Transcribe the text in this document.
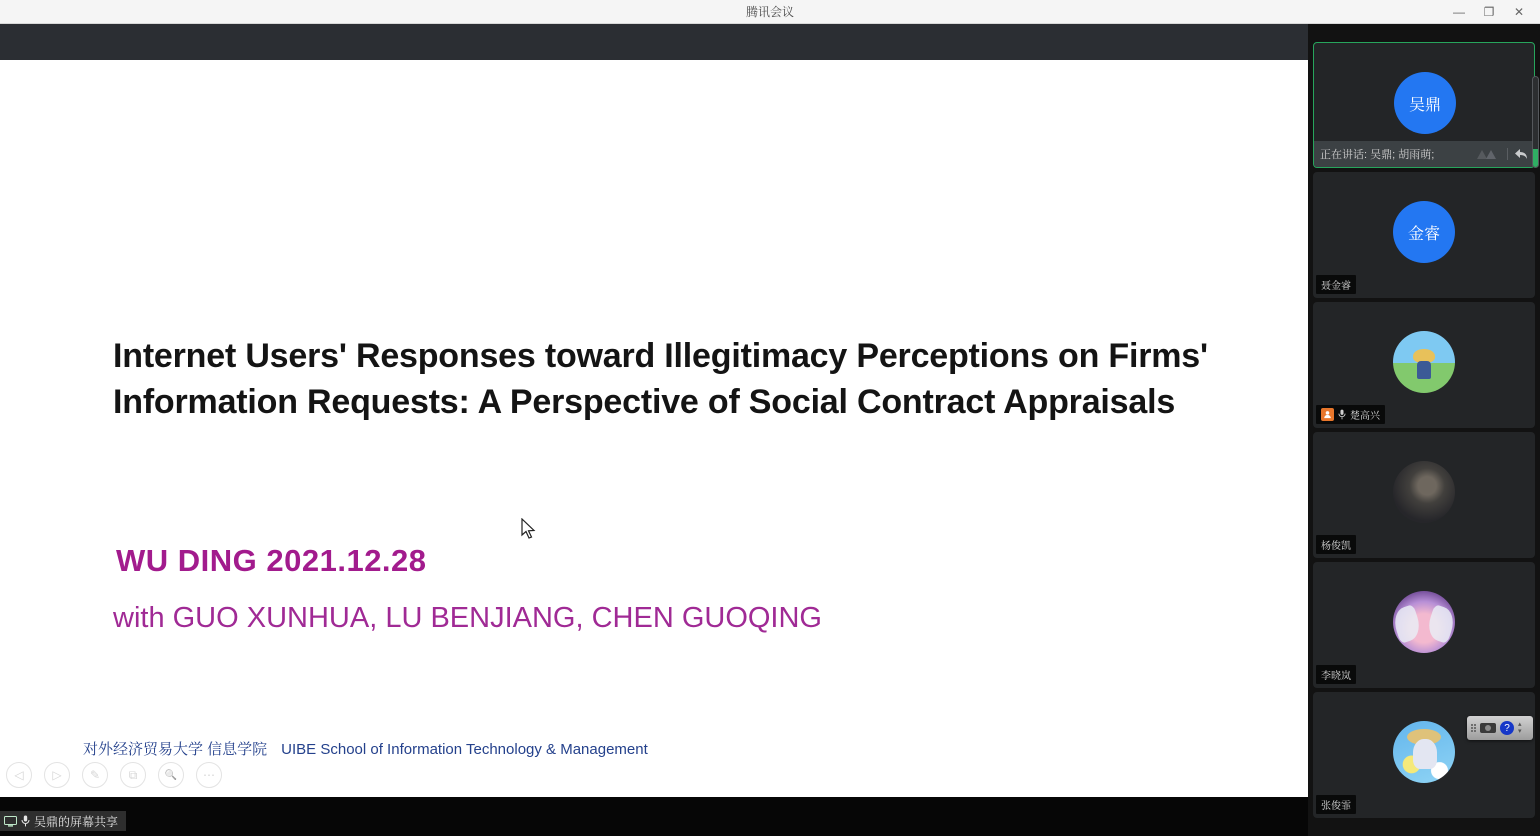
腾讯会议	—	❐	✕
Internet Users' Responses toward Illegitimacy Perceptions on Firms' Information Requests: A Perspective of Social Contract Appraisals
WU DING 2021.12.28
with GUO XUNHUA, LU BENJIANG, CHEN GUOQING
对外经济贸易大学 信息学院 UIBE School of Information Technology & Management
◁ ▷ ✎ ⧉	🔍 ⋯
吴鼎的屏幕共享
吴鼎
正在讲话: 吴鼎; 胡雨萌;
金睿
聂金睿
楚高兴
杨俊凯
李晓岚
?	▴
▾
张俊霏
